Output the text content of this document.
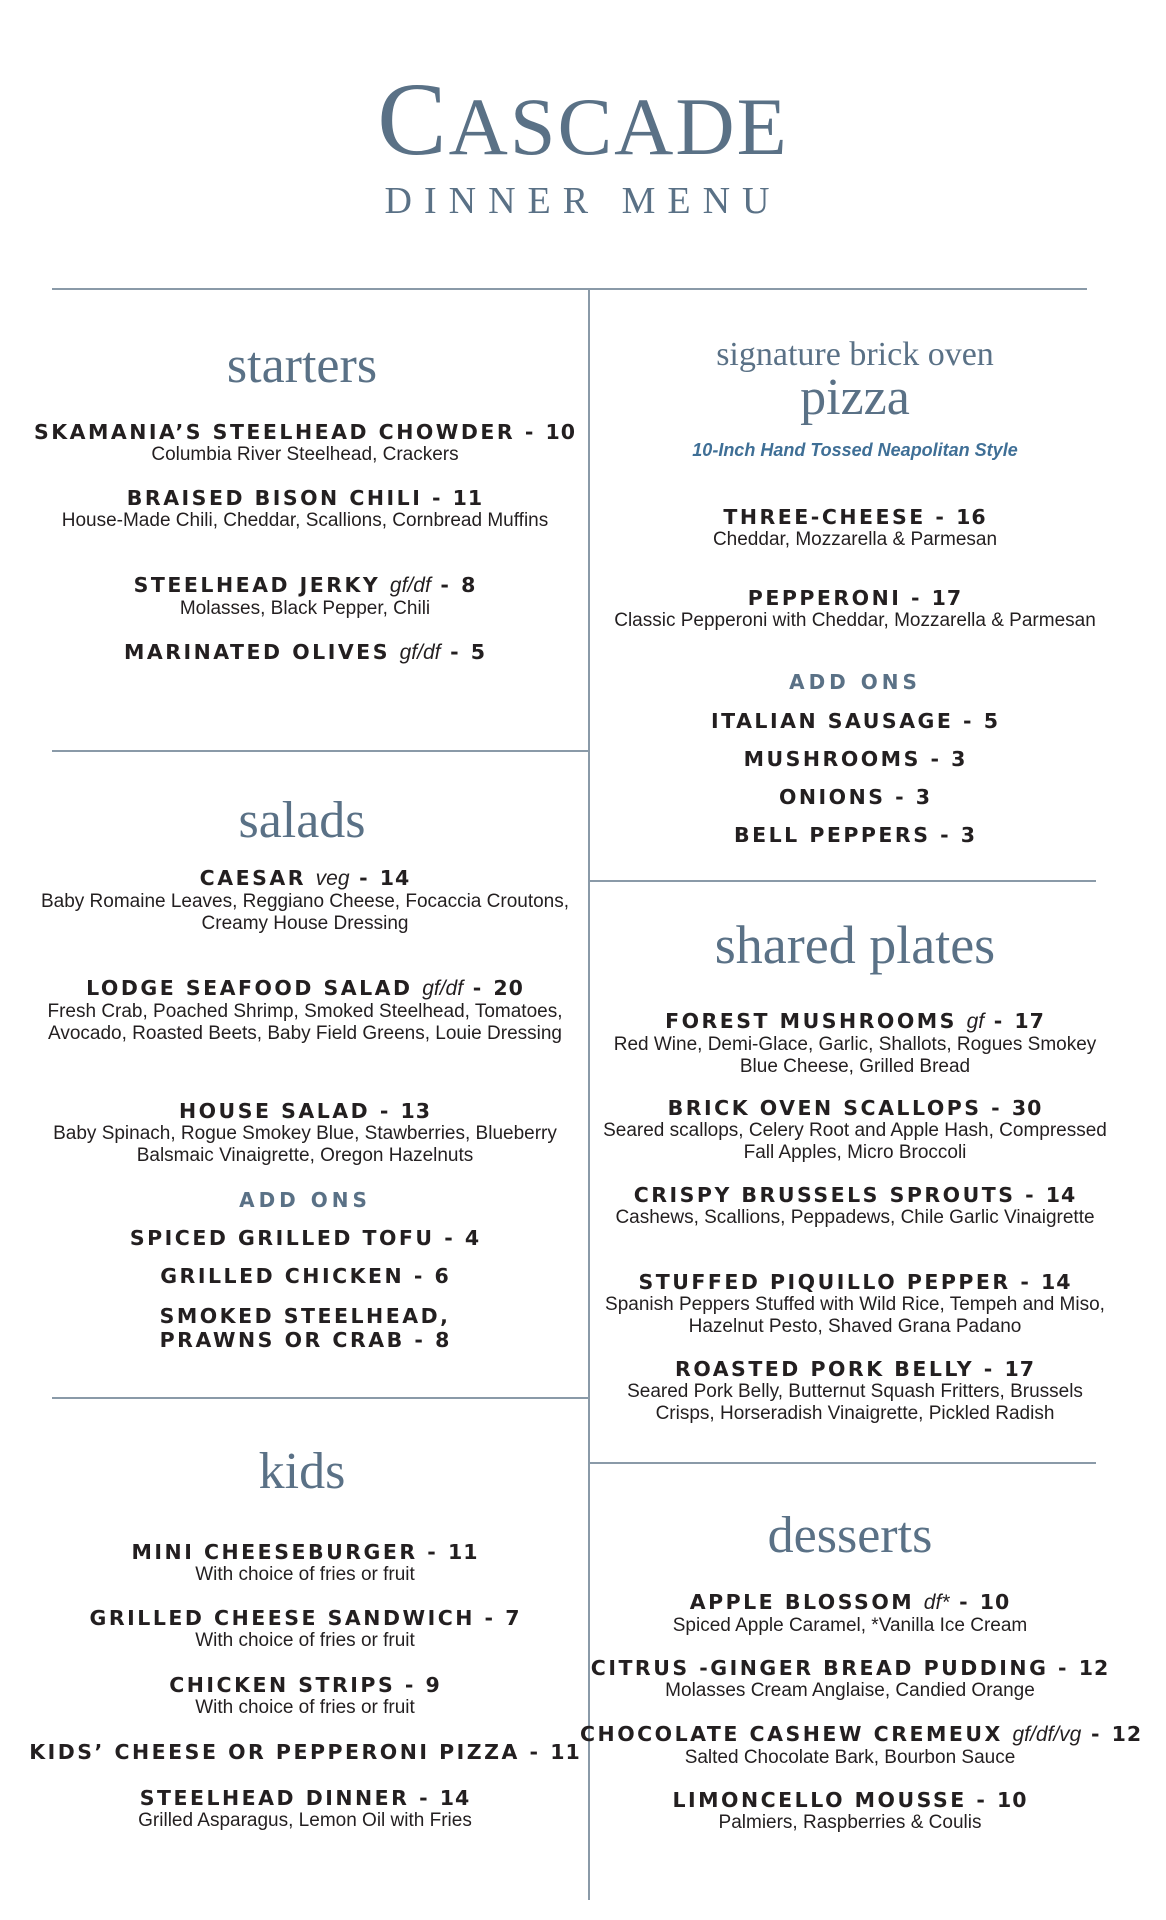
CASCADE
DINNER MENU
starters
SKAMANIA’S STEELHEAD CHOWDER - 10
Columbia River Steelhead, Crackers
BRAISED BISON CHILI - 11
House-Made Chili, Cheddar, Scallions, Cornbread Muffins
STEELHEAD JERKY gf/df - 8
Molasses, Black Pepper, Chili
MARINATED OLIVES gf/df - 5
salads
CAESAR veg - 14
Baby Romaine Leaves, Reggiano Cheese, Focaccia Croutons, Creamy House Dressing
LODGE SEAFOOD SALAD gf/df - 20
Fresh Crab, Poached Shrimp, Smoked Steelhead, Tomatoes, Avocado, Roasted Beets, Baby Field Greens, Louie Dressing
HOUSE SALAD - 13
Baby Spinach, Rogue Smokey Blue, Stawberries, Blueberry Balsmaic Vinaigrette, Oregon Hazelnuts
ADD ONS
SPICED GRILLED TOFU - 4
GRILLED CHICKEN - 6
SMOKED STEELHEAD,
PRAWNS OR CRAB - 8
kids
MINI CHEESEBURGER - 11
With choice of fries or fruit
GRILLED CHEESE SANDWICH - 7
With choice of fries or fruit
CHICKEN STRIPS - 9
With choice of fries or fruit
KIDS’ CHEESE OR PEPPERONI PIZZA - 11
STEELHEAD DINNER - 14
Grilled Asparagus, Lemon Oil with Fries
signature brick oven
pizza
10-Inch Hand Tossed Neapolitan Style
THREE-CHEESE - 16
Cheddar, Mozzarella & Parmesan
PEPPERONI - 17
Classic Pepperoni with Cheddar, Mozzarella & Parmesan
ADD ONS
ITALIAN SAUSAGE - 5
MUSHROOMS - 3
ONIONS - 3
BELL PEPPERS - 3
shared plates
FOREST MUSHROOMS gf - 17
Red Wine, Demi-Glace, Garlic, Shallots, Rogues Smokey Blue Cheese, Grilled Bread
BRICK OVEN SCALLOPS - 30
Seared scallops, Celery Root and Apple Hash, Compressed Fall Apples, Micro Broccoli
CRISPY BRUSSELS SPROUTS - 14
Cashews, Scallions, Peppadews, Chile Garlic Vinaigrette
STUFFED PIQUILLO PEPPER - 14
Spanish Peppers Stuffed with Wild Rice, Tempeh and Miso, Hazelnut Pesto, Shaved Grana Padano
ROASTED PORK BELLY - 17
Seared Pork Belly, Butternut Squash Fritters, Brussels Crisps, Horseradish Vinaigrette, Pickled Radish
desserts
APPLE BLOSSOM df* - 10
Spiced Apple Caramel, *Vanilla Ice Cream
CITRUS -GINGER BREAD PUDDING - 12
Molasses Cream Anglaise, Candied Orange
CHOCOLATE CASHEW CREMEUX gf/df/vg - 12
Salted Chocolate Bark, Bourbon Sauce
LIMONCELLO MOUSSE - 10
Palmiers, Raspberries & Coulis
